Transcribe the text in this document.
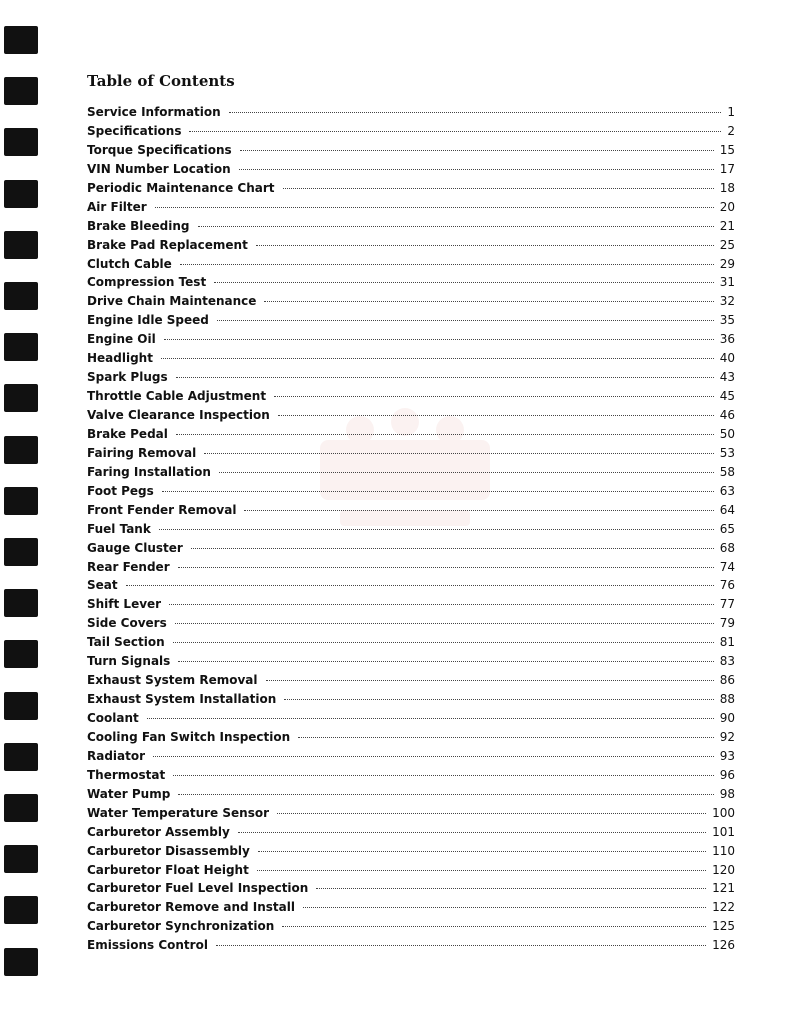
Table of Contents
Service Information	1
Specifications	2
Torque Specifications	15
VIN Number Location	17
Periodic Maintenance Chart	18
Air Filter	20
Brake Bleeding	21
Brake Pad Replacement	25
Clutch Cable	29
Compression Test	31
Drive Chain Maintenance	32
Engine Idle Speed	35
Engine Oil	36
Headlight	40
Spark Plugs	43
Throttle Cable Adjustment	45
Valve Clearance Inspection	46
Brake Pedal	50
Fairing Removal	53
Faring Installation	58
Foot Pegs	63
Front Fender Removal	64
Fuel Tank	65
Gauge Cluster	68
Rear Fender	74
Seat	76
Shift Lever	77
Side Covers	79
Tail Section	81
Turn Signals	83
Exhaust System Removal	86
Exhaust System Installation	88
Coolant	90
Cooling Fan Switch Inspection	92
Radiator	93
Thermostat	96
Water Pump	98
Water Temperature Sensor	100
Carburetor Assembly	101
Carburetor Disassembly	110
Carburetor Float Height	120
Carburetor Fuel Level Inspection	121
Carburetor Remove and Install	122
Carburetor Synchronization	125
Emissions Control	126
